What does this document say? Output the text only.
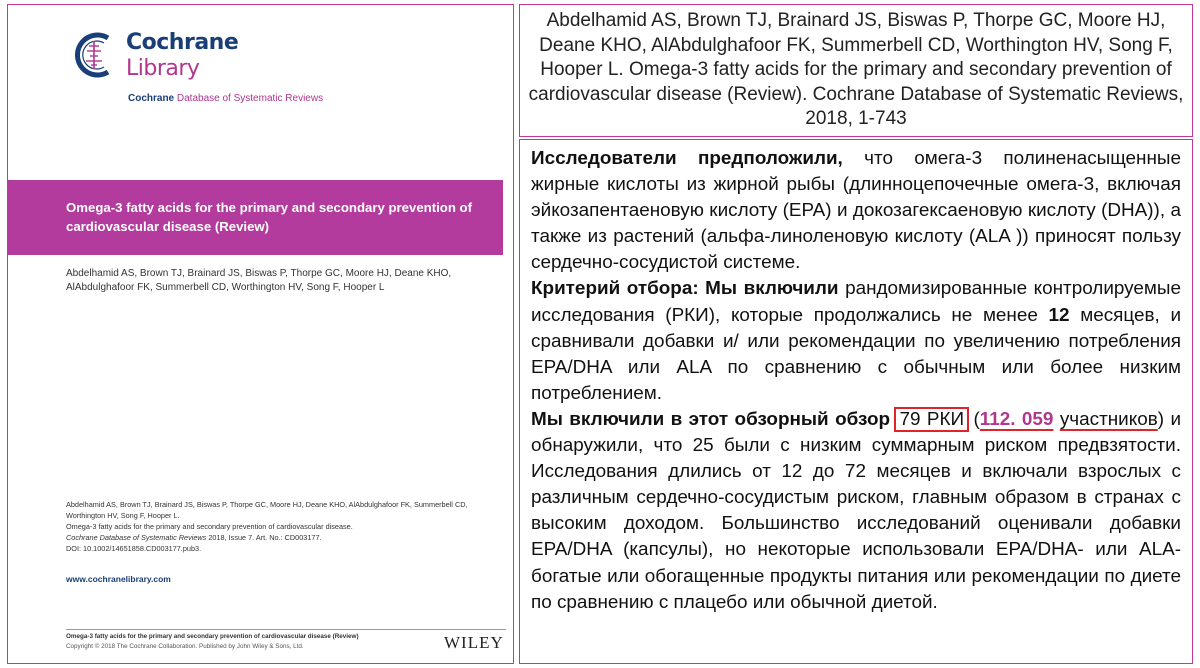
Cochrane
Library
Cochrane Database of Systematic Reviews
Omega-3 fatty acids for the primary and secondary prevention of cardiovascular disease (Review)
Abdelhamid AS, Brown TJ, Brainard JS, Biswas P, Thorpe GC, Moore HJ, Deane KHO, AlAbdulghafoor FK, Summerbell CD, Worthington HV, Song F, Hooper L

Abdelhamid AS, Brown TJ, Brainard JS, Biswas P, Thorpe GC, Moore HJ, Deane KHO, AlAbdulghafoor FK, Summerbell CD, Worthington HV, Song F, Hooper L.

Omega-3 fatty acids for the primary and secondary prevention of cardiovascular disease.

Cochrane Database of Systematic Reviews 2018, Issue 7. Art. No.: CD003177.

DOI: 10.1002/14651858.CD003177.pub3.

www.cochranelibrary.com
Omega-3 fatty acids for the primary and secondary prevention of cardiovascular disease (Review)
Copyright © 2018 The Cochrane Collaboration. Published by John Wiley & Sons, Ltd.	WILEY
Abdelhamid AS, Brown TJ, Brainard JS, Biswas P, Thorpe GC, Moore HJ, Deane KHO, AlAbdulghafoor FK, Summerbell CD, Worthington HV, Song F, Hooper L. Omega-3 fatty acids for the primary and secondary prevention of cardiovascular disease (Review). Cochrane Database of Systematic Reviews, 2018, 1-743

Исследователи предположили, что омега-3 полиненасыщенные жирные кислоты из жирной рыбы (длинноцепочечные омега-3, включая эйкозапентаеновую кислоту (EPA) и докозагексаеновую кислоту (DHA)), а также из растений (альфа-линоленовую кислоту (ALA )) приносят пользу сердечно-сосудистой системе.

Критерий отбора: Мы включили рандомизированные контролируемые исследования (РКИ), которые продолжались не менее 12 месяцев, и сравнивали добавки и/ или рекомендации по увеличению потребления EPA/DHA или ALA по сравнению с обычным или более низким потреблением.

Мы включили в этот обзорный обзор 79 РКИ (112. 059 участников) и обнаружили, что 25 были с низким суммарным риском предвзятости. Исследования длились от 12 до 72 месяцев и включали взрослых с различным сердечно-сосудистым риском, главным образом в странах с высоким доходом. Большинство исследований оценивали добавки EPA/DHA (капсулы), но некоторые использовали EPA/DHA- или ALA-богатые или обогащенные продукты питания или рекомендации по диете по сравнению с плацебо или обычной диетой.
